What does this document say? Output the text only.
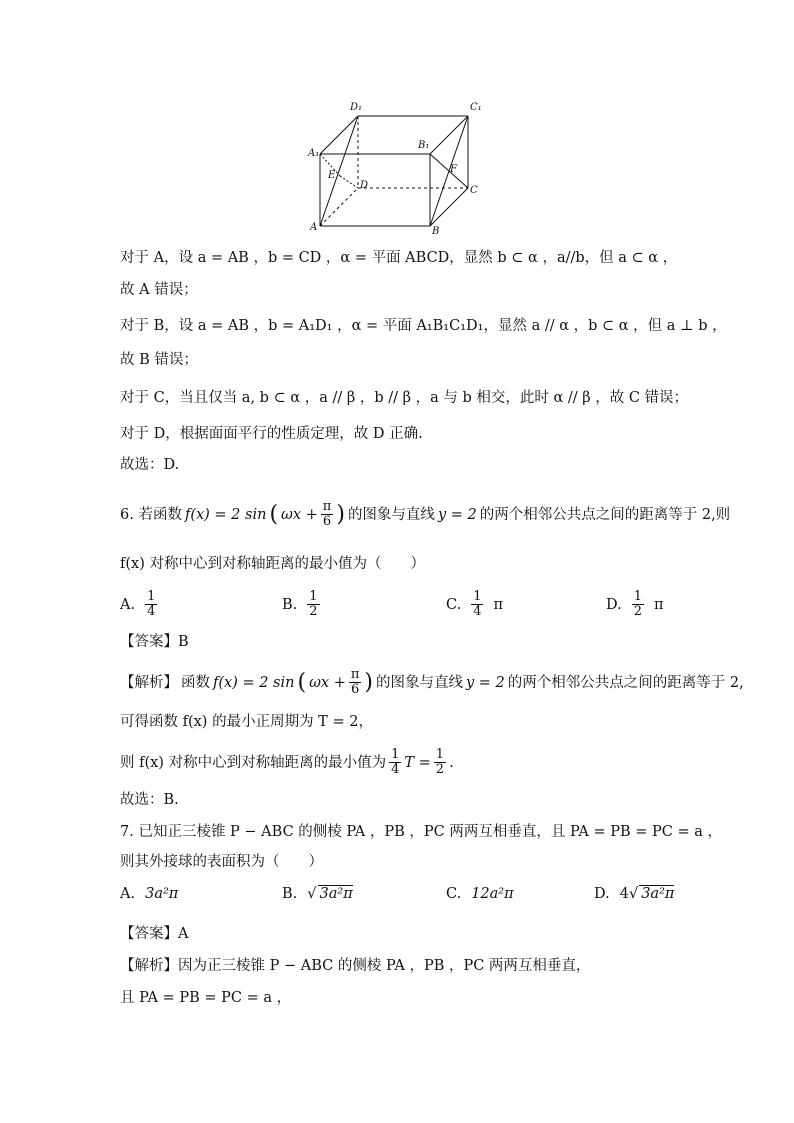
D₁	C₁
A₁
B₁
E
D
F
C
A	B
对于 A，设 a = AB ，b = CD ，α = 平面 ABCD，显然 b ⊂ α ，a//b，但 a ⊂ α ，
故 A 错误；
对于 B，设 a = AB ，b = A₁D₁ ，α = 平面 A₁B₁C₁D₁，显然 a // α ，b ⊂ α ，但 a ⊥ b ，
故 B 错误；
对于 C，当且仅当 a, b ⊂ α ，a // β ，b // β ，a 与 b 相交，此时 α // β ，故 C 错误；
对于 D，根据面面平行的性质定理，故 D 正确.
故选：D.
6. 若函数 f(x) = 2 sin ( $\omega x + \frac{\pi}{6}$ ) 的图象与直线 y = 2 的两个相邻公共点之间的距离等于 2,则
f(x) 对称中心到对称轴距离的最小值为（　　）
A. $\frac{1}{4}$	B. $\frac{1}{2}$	C. $\frac{1}{4}$ π	D. $\frac{1}{2}$ π
【答案】B
【解析】 函数 f(x) = 2 sin ( $\omega x + \frac{\pi}{6}$ ) 的图象与直线 y = 2 的两个相邻公共点之间的距离等于 2,
可得函数 f(x) 的最小正周期为 T = 2，
则 f(x) 对称中心到对称轴距离的最小值为 $\frac{1}{4}$ $T = \frac{1}{2}$ .
故选：B.
7. 已知正三棱锥 P − ABC 的侧棱 PA ，PB ，PC 两两互相垂直，且 PA = PB = PC = a ，
则其外接球的表面积为（　　）
A. 3a²π	B. √ 3a²π	C. 12a²π	D. 4√ 3a²π
【答案】A
【解析】因为正三棱锥 P − ABC 的侧棱 PA ，PB ，PC 两两互相垂直，
且 PA = PB = PC = a ，
